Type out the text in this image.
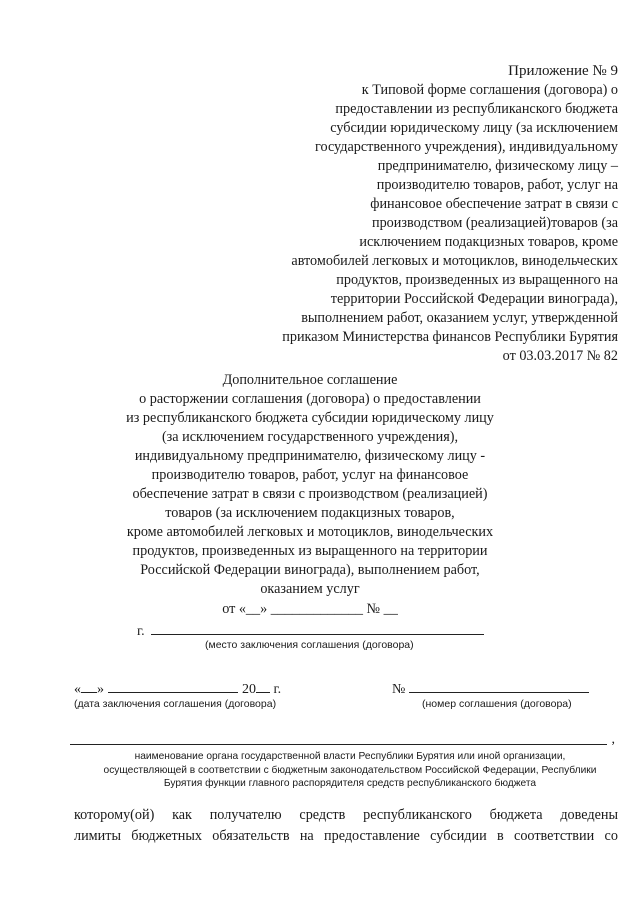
Приложение № 9
к Типовой форме соглашения (договора) о
предоставлении из республиканского бюджета
субсидии юридическому лицу (за исключением
государственного учреждения), индивидуальному
предпринимателю, физическому лицу –
производителю товаров, работ, услуг на
финансовое обеспечение затрат в связи с
производством (реализацией)товаров (за
исключением подакцизных товаров, кроме
автомобилей легковых и мотоциклов, винодельческих
продуктов, произведенных из выращенного на
территории Российской Федерации винограда),
выполнением работ, оказанием услуг, утвержденной
приказом Министерства финансов Республики Бурятия
от 03.03.2017 № 82
Дополнительное соглашение
о расторжении соглашения (договора) о предоставлении
из республиканского бюджета субсидии юридическому лицу
(за исключением государственного учреждения),
индивидуальному предпринимателю, физическому лицу -
производителю товаров, работ, услуг на финансовое
обеспечение затрат в связи с производством (реализацией)
товаров (за исключением подакцизных товаров,
кроме автомобилей легковых и мотоциклов, винодельческих
продуктов, произведенных из выращенного на территории
Российской Федерации винограда), выполнением работ,
оказанием услуг
от «__» _____________ № __
г.
(место заключения соглашения (договора)
« »	20 г.
(дата заключения соглашения (договора)
№
(номер соглашения (договора)
,
наименование органа государственной власти Республики Бурятия или иной организации,
осуществляющей в соответствии с бюджетным законодательством Российской Федерации, Республики
Бурятия функции главного распорядителя средств республиканского бюджета
которому(ой) как получателю средств республиканского бюджета доведены
лимиты бюджетных обязательств на предоставление субсидии в соответствии со
